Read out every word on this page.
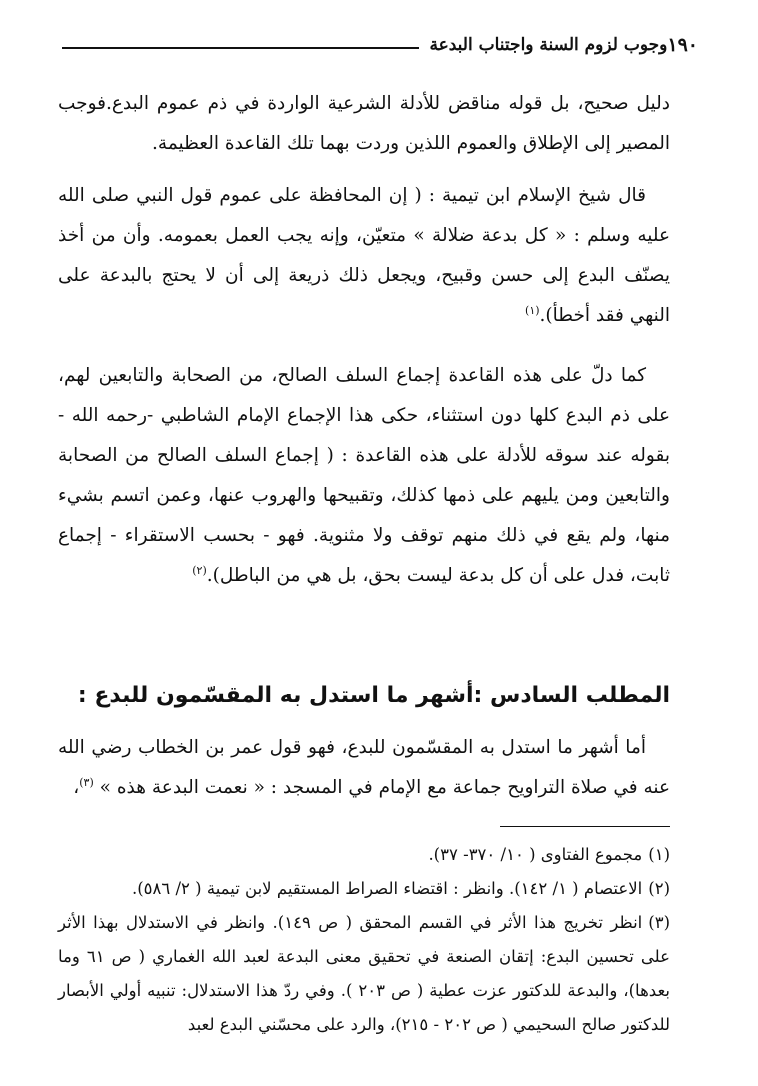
وجوب لزوم السنة واجتناب البدعة ١٩٠

دليل صحيح، بل قوله مناقض للأدلة الشرعية الواردة في ذم عموم البدع.فوجب المصير إلى الإطلاق والعموم اللذين وردت بهما تلك القاعدة العظيمة.

قال شيخ الإسلام ابن تيمية : ( إن المحافظة على عموم قول النبي صلى الله عليه وسلم : « كل بدعة ضلالة » متعيّن، وإنه يجب العمل بعمومه. وأن من أخذ يصنّف البدع إلى حسن وقبيح، ويجعل ذلك ذريعة إلى أن لا يحتج بالبدعة على النهي فقد أخطأ).$^{(١)}$

كما دلّ على هذه القاعدة إجماع السلف الصالح، من الصحابة والتابعين لهم، على ذم البدع كلها دون استثناء، حكى هذا الإجماع الإمام الشاطبي -رحمه الله - بقوله عند سوقه للأدلة على هذه القاعدة : ( إجماع السلف الصالح من الصحابة والتابعين ومن يليهم على ذمها كذلك، وتقبيحها والهروب عنها، وعمن اتسم بشيء منها، ولم يقع في ذلك منهم توقف ولا مثنوية. فهو - بحسب الاستقراء - إجماع ثابت، فدل على أن كل بدعة ليست بحق، بل هي من الباطل).$^{(٢)}$

المطلب السادس :أشهر ما استدل به المقسّمون للبدع :

أما أشهر ما استدل به المقسّمون للبدع، فهو قول عمر بن الخطاب رضي الله عنه في صلاة التراويح جماعة مع الإمام في المسجد : « نعمت البدعة هذه » $^{(٣)}$،

(١)مجموع الفتاوى ( ١٠/ ٣٧٠- ٣٧).

(٢)الاعتصام ( ١/ ١٤٢). وانظر : اقتضاء الصراط المستقيم لابن تيمية ( ٢/ ٥٨٦).

(٣)انظر تخريج هذا الأثر في القسم المحقق ( ص ١٤٩). وانظر في الاستدلال بهذا الأثر على تحسين البدع: إتقان الصنعة في تحقيق معنى البدعة لعبد الله الغماري ( ص ٦١ وما بعدها)، والبدعة للدكتور عزت عطية ( ص ٢٠٣ ). وفي ردّ هذا الاستدلال: تنبيه أولي الأبصار للدكتور صالح السحيمي ( ص ٢٠٢ - ٢١٥)، والرد على محسّني البدع لعبد
